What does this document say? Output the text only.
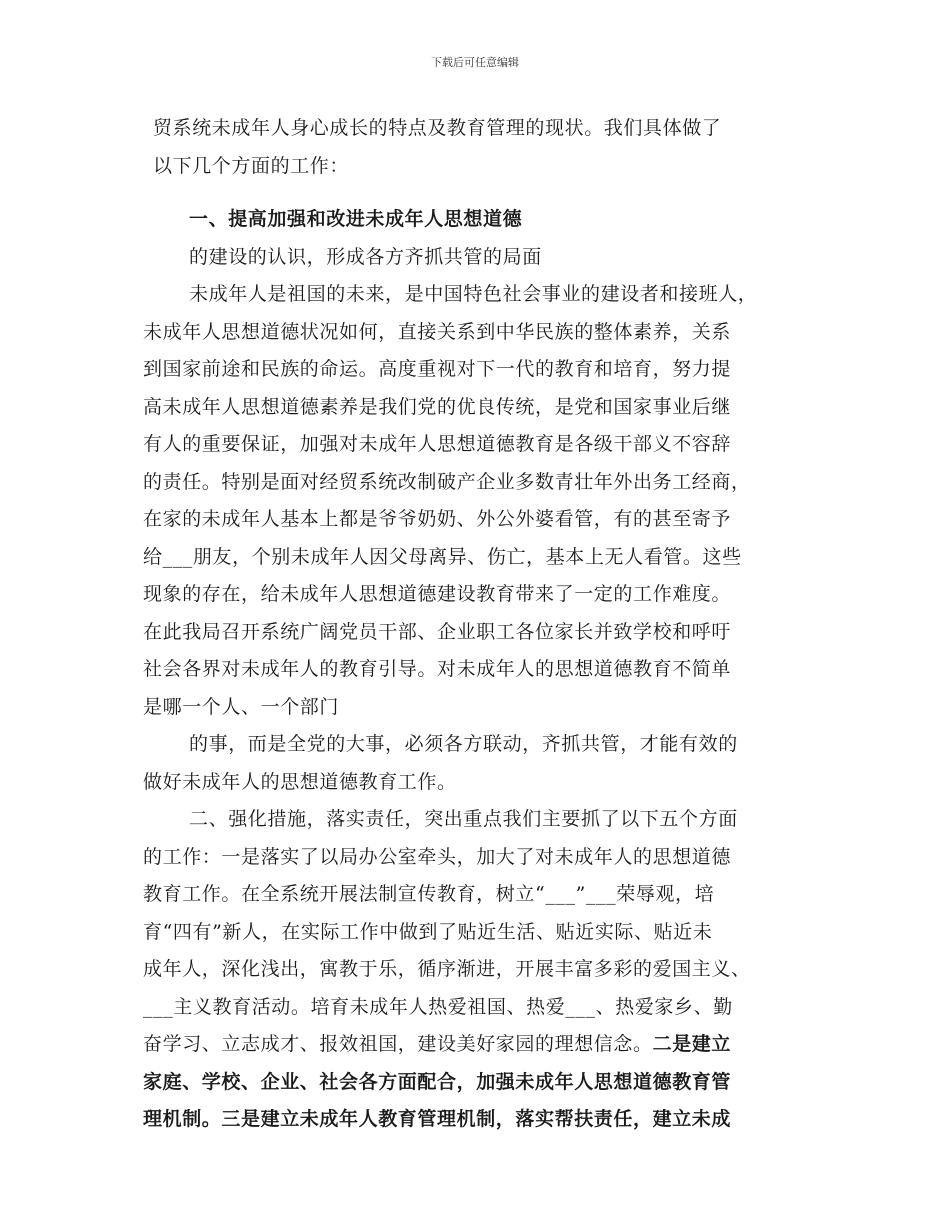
下载后可任意编辑
贸系统未成年人身心成长的特点及教育管理的现状。我们具体做了
以下几个方面的工作：
一、提高加强和改进未成年人思想道德
的建设的认识，形成各方齐抓共管的局面
未成年人是祖国的未来，是中国特色社会事业的建设者和接班人，
未成年人思想道德状况如何，直接关系到中华民族的整体素养，关系
到国家前途和民族的命运。高度重视对下一代的教育和培育，努力提
高未成年人思想道德素养是我们党的优良传统，是党和国家事业后继
有人的重要保证，加强对未成年人思想道德教育是各级干部义不容辞
的责任。特别是面对经贸系统改制破产企业多数青壮年外出务工经商，
在家的未成年人基本上都是爷爷奶奶、外公外婆看管，有的甚至寄予
给___朋友，个别未成年人因父母离异、伤亡，基本上无人看管。这些
现象的存在，给未成年人思想道德建设教育带来了一定的工作难度。
在此我局召开系统广阔党员干部、企业职工各位家长并致学校和呼吁
社会各界对未成年人的教育引导。对未成年人的思想道德教育不简单
是哪一个人、一个部门
的事，而是全党的大事，必须各方联动，齐抓共管，才能有效的
做好未成年人的思想道德教育工作。
二、强化措施，落实责任，突出重点我们主要抓了以下五个方面
的工作：一是落实了以局办公室牵头，加大了对未成年人的思想道德
教育工作。在全系统开展法制宣传教育，树立“___”___荣辱观，培
育“四有”新人，在实际工作中做到了贴近生活、贴近实际、贴近未
成年人，深化浅出，寓教于乐，循序渐进，开展丰富多彩的爱国主义、
___主义教育活动。培育未成年人热爱祖国、热爱___、热爱家乡、勤
奋学习、立志成才、报效祖国，建设美好家园的理想信念。二是建立
家庭、学校、企业、社会各方面配合，加强未成年人思想道德教育管
理机制。三是建立未成年人教育管理机制，落实帮扶责任，建立未成
